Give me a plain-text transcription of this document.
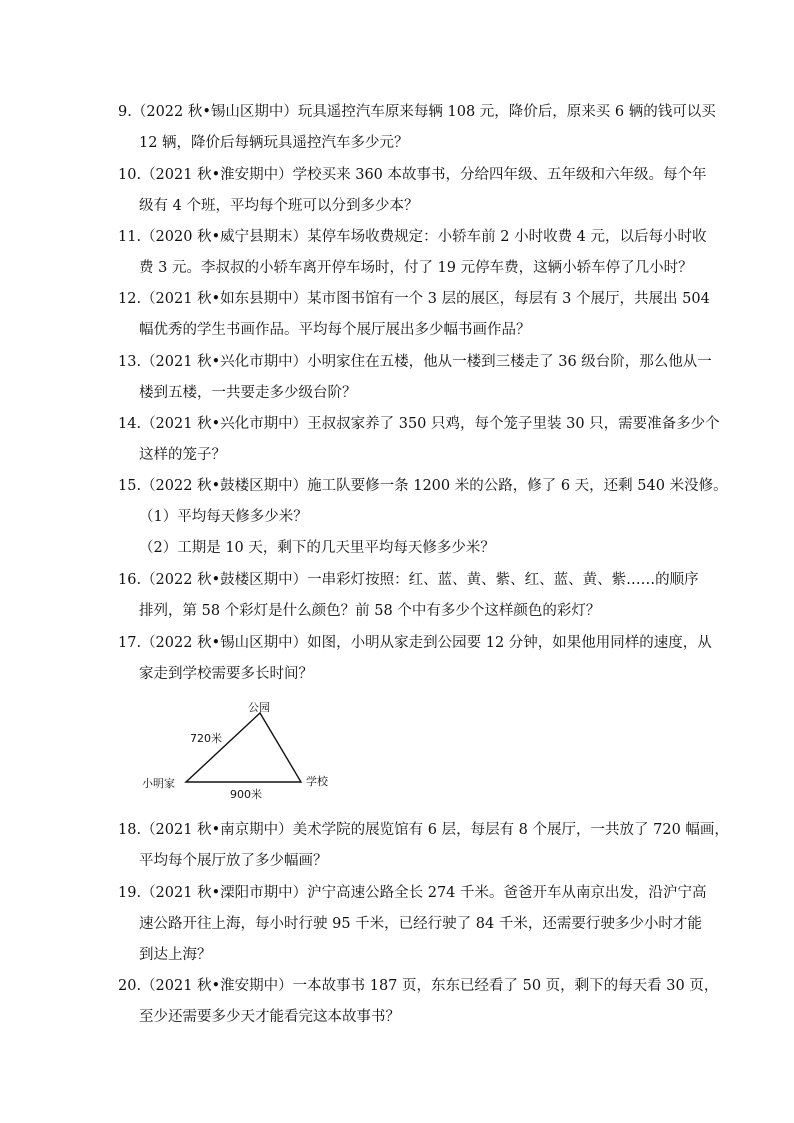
9.（2022 秋•锡山区期中）玩具遥控汽车原来每辆 108 元，降价后，原来买 6 辆的钱可以买
12 辆，降价后每辆玩具遥控汽车多少元？
10.（2021 秋•淮安期中）学校买来 360 本故事书，分给四年级、五年级和六年级。每个年
级有 4 个班，平均每个班可以分到多少本？
11.（2020 秋•威宁县期末）某停车场收费规定：小轿车前 2 小时收费 4 元，以后每小时收
费 3 元。李叔叔的小轿车离开停车场时，付了 19 元停车费，这辆小轿车停了几小时？
12.（2021 秋•如东县期中）某市图书馆有一个 3 层的展区，每层有 3 个展厅，共展出 504
幅优秀的学生书画作品。平均每个展厅展出多少幅书画作品？
13.（2021 秋•兴化市期中）小明家住在五楼，他从一楼到三楼走了 36 级台阶，那么他从一
楼到五楼，一共要走多少级台阶？
14.（2021 秋•兴化市期中）王叔叔家养了 350 只鸡，每个笼子里装 30 只，需要准备多少个
这样的笼子？
15.（2022 秋•鼓楼区期中）施工队要修一条 1200 米的公路，修了 6 天，还剩 540 米没修。
（1）平均每天修多少米？
（2）工期是 10 天，剩下的几天里平均每天修多少米？
16.（2022 秋•鼓楼区期中）一串彩灯按照：红、蓝、黄、紫、红、蓝、黄、紫……的顺序
排列，第 58 个彩灯是什么颜色？前 58 个中有多少个这样颜色的彩灯？
17.（2022 秋•锡山区期中）如图，小明从家走到公园要 12 分钟，如果他用同样的速度，从
家走到学校需要多长时间？
公园
720米
小明家	学校
900米
18.（2021 秋•南京期中）美术学院的展览馆有 6 层，每层有 8 个展厅，一共放了 720 幅画，
平均每个展厅放了多少幅画？
19.（2021 秋•溧阳市期中）沪宁高速公路全长 274 千米。爸爸开车从南京出发，沿沪宁高
速公路开往上海，每小时行驶 95 千米，已经行驶了 84 千米，还需要行驶多少小时才能
到达上海？
20.（2021 秋•淮安期中）一本故事书 187 页，东东已经看了 50 页，剩下的每天看 30 页，
至少还需要多少天才能看完这本故事书？
